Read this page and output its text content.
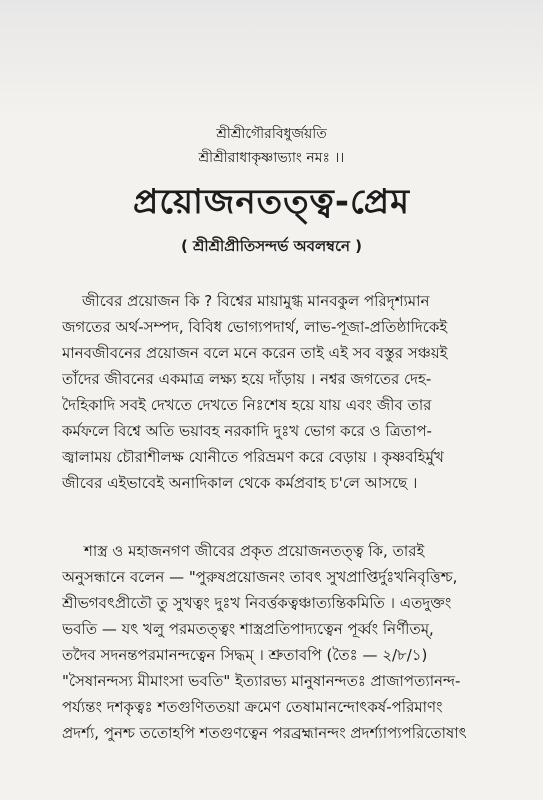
শ্রীশ্রীগৌরবিধুর্জয়তি
শ্রীশ্রীরাধাকৃষ্ণাভ্যাং নমঃ ।।
প্রয়োজনতত্ত্ব-প্রেম
( শ্রীশ্রীপ্রীতিসন্দর্ভ অবলম্বনে )
জীবের প্রয়োজন কি ? বিশ্বের মায়ামুগ্ধ মানবকুল পরিদৃশ্যমান
জগতের অর্থ-সম্পদ, বিবিধ ভোগ্যপদার্থ, লাভ-পূজা-প্রতিষ্ঠাদিকেই
মানবজীবনের প্রয়োজন বলে মনে করেন তাই এই সব বস্তুর সঞ্চয়ই
তাঁদের জীবনের একমাত্র লক্ষ্য হয়ে দাঁড়ায় । নশ্বর জগতের দেহ-
দৈহিকাদি সবই দেখতে দেখতে নিঃশেষ হয়ে যায় এবং জীব তার
কর্মফলে বিশ্বে অতি ভয়াবহ নরকাদি দুঃখ ভোগ করে ও ত্রিতাপ-
জ্বালাময় চৌরাশীলক্ষ যোনীতে পরিভ্রমণ করে বেড়ায় । কৃষ্ণবহির্মুখ
জীবের এইভাবেই অনাদিকাল থেকে কর্মপ্রবাহ চ'লে আসছে ।
শাস্ত্র ও মহাজনগণ জীবের প্রকৃত প্রয়োজনতত্ত্ব কি, তারই
অনুসন্ধানে বলেন — "পুরুষপ্রয়োজনং তাবৎ সুখপ্রাপ্তির্দুঃখনিবৃত্তিশ্চ,
শ্রীভগবৎপ্রীতৌ তু সুখত্বং দুঃখ নিবর্ত্তকত্বঞ্চাত্যন্তিকমিতি । এতদুক্তং
ভবতি — যৎ খলু পরমতত্ত্বং শাস্ত্রপ্রতিপাদ্যত্বেন পূর্ব্বং নির্ণীতম্,
তদৈব সদনন্তপরমানন্দত্বেন সিদ্ধম্ । শ্রুতাবপি (তৈঃ — ২/৮/১)
"সৈষানন্দস্য মীমাংসা ভবতি" ইত্যারভ্য মানুষানন্দতঃ প্রাজাপত্যানন্দ-
পর্য্যন্তং দশকৃত্বঃ শতগুণিততয়া ক্রমেণ তেষামানন্দোৎকর্ষ-পরিমাণং
প্রদর্শ্য, পুনশ্চ ততোহপি শতগুণত্বেন পরব্রহ্মানন্দং প্রদর্শ্যাপ্যপরিতোষাৎ
